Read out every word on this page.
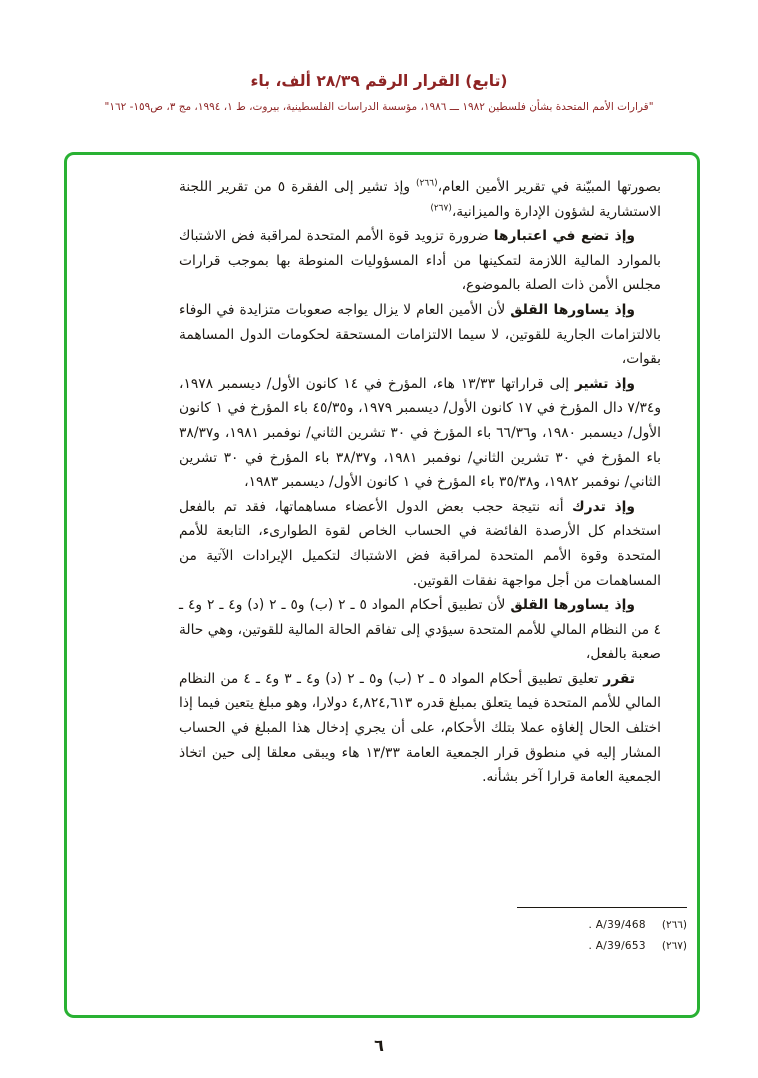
(تابع) القرار الرقم ٢٨/٣٩ ألف، باء
"قرارات الأمم المتحدة بشأن فلسطين ١٩٨٢ ـــ ١٩٨٦، مؤسسة الدراسات الفلسطينية، بيروت، ط ١، ١٩٩٤، مج ٣، ص١٥٩- ١٦٢"

بصورتها المبيّنة في تقرير الأمين العام،$^{(٢٦٦)}$ وإذ تشير إلى الفقرة ٥ من تقرير اللجنة الاستشارية لشؤون الإدارة والميزانية،$^{(٢٦٧)}$

وإذ تضع في اعتبارها ضرورة تزويد قوة الأمم المتحدة لمراقبة فض الاشتباك بالموارد المالية اللازمة لتمكينها من أداء المسؤوليات المنوطة بها بموجب قرارات مجلس الأمن ذات الصلة بالموضوع،

وإذ يساورها القلق لأن الأمين العام لا يزال يواجه صعوبات متزايدة في الوفاء بالالتزامات الجارية للقوتين، لا سيما الالتزامات المستحقة لحكومات الدول المساهمة بقوات،

وإذ تشير إلى قراراتها ١٣/٣٣ هاء، المؤرخ في ١٤ كانون الأول/ ديسمبر ١٩٧٨، و٧/٣٤ دال المؤرخ في ١٧ كانون الأول/ ديسمبر ١٩٧٩، و٤٥/٣٥ باء المؤرخ في ١ كانون الأول/ ديسمبر ١٩٨٠، و٦٦/٣٦ باء المؤرخ في ٣٠ تشرين الثاني/ نوفمبر ١٩٨١، و٣٨/٣٧ باء المؤرخ في ٣٠ تشرين الثاني/ نوفمبر ١٩٨١، و٣٨/٣٧ باء المؤرخ في ٣٠ تشرين الثاني/ نوفمبر ١٩٨٢، و٣٥/٣٨ باء المؤرخ في ١ كانون الأول/ ديسمبر ١٩٨٣،

وإذ تدرك أنه نتيجة حجب بعض الدول الأعضاء مساهماتها، فقد تم بالفعل استخدام كل الأرصدة الفائضة في الحساب الخاص لقوة الطوارىء، التابعة للأمم المتحدة وقوة الأمم المتحدة لمراقبة فض الاشتباك لتكميل الإيرادات الآتية من المساهمات من أجل مواجهة نفقات القوتين.

وإذ يساورها القلق لأن تطبيق أحكام المواد ٥ ـ ٢ (ب) و٥ ـ ٢ (د) و٤ ـ ٢ و٤ ـ ٤ من النظام المالي للأمم المتحدة سيؤدي إلى تفاقم الحالة المالية للقوتين، وهي حالة صعبة بالفعل،

تقرر تعليق تطبيق أحكام المواد ٥ ـ ٢ (ب) و٥ ـ ٢ (د) و٤ ـ ٣ و٤ ـ ٤ من النظام المالي للأمم المتحدة فيما يتعلق بمبلغ قدره ٤,٨٢٤,٦١٣ دولارا، وهو مبلغ يتعين فيما إذا اختلف الحال إلغاؤه عملا بتلك الأحكام، على أن يجري إدخال هذا المبلغ في الحساب المشار إليه في منطوق قرار الجمعية العامة ١٣/٣٣ هاء ويبقى معلقا إلى حين اتخاذ الجمعية العامة قرارا آخر بشأنه.

(٢٦٦)A/39/468 .
(٢٦٧)A/39/653 .
٦
